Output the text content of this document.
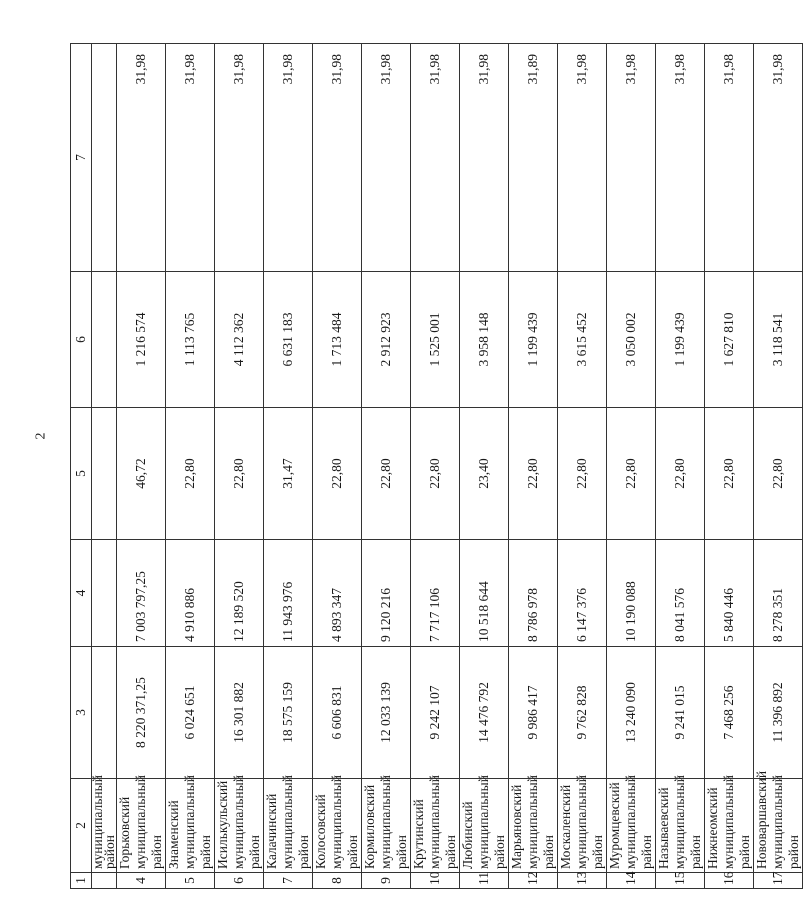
2
1	2	3	4	5	6	7
	муниципальный район					
4	Горьковский муниципальный район	8 220 371,25	7 003 797,25	46,72	1 216 574	31,98
5	Знаменский муниципальный район	6 024 651	4 910 886	22,80	1 113 765	31,98
6	Исилькульский муниципальный район	16 301 882	12 189 520	22,80	4 112 362	31,98
7	Калачинский муниципальный район	18 575 159	11 943 976	31,47	6 631 183	31,98
8	Колосовский муниципальный район	6 606 831	4 893 347	22,80	1 713 484	31,98
9	Кормиловский муниципальный район	12 033 139	9 120 216	22,80	2 912 923	31,98
10	Крутинский муниципальный район	9 242 107	7 717 106	22,80	1 525 001	31,98
11	Любинский муниципальный район	14 476 792	10 518 644	23,40	3 958 148	31,98
12	Марьяновский муниципальный район	9 986 417	8 786 978	22,80	1 199 439	31,89
13	Москаленский муниципальный район	9 762 828	6 147 376	22,80	3 615 452	31,98
14	Муромцевский муниципальный район	13 240 090	10 190 088	22,80	3 050 002	31,98
15	Называевский муниципальный район	9 241 015	8 041 576	22,80	1 199 439	31,98
16	Нижнеомский муниципальный район	7 468 256	5 840 446	22,80	1 627 810	31,98
17	Нововаршавский муниципальный район	11 396 892	8 278 351	22,80	3 118 541	31,98
